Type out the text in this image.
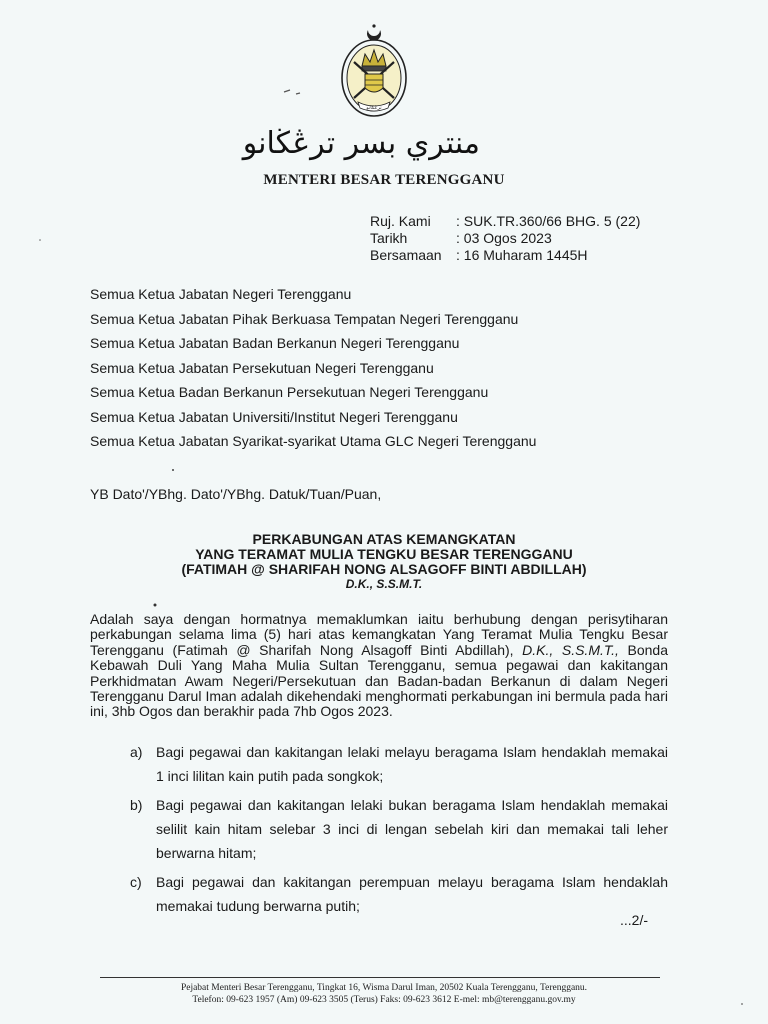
ترڠڬانو
منتري بسر ترڠڬانو
MENTERI BESAR TERENGGANU
Ruj. Kami	: SUK.TR.360/66 BHG. 5 (22)
Tarikh	: 03 Ogos 2023
Bersamaan	: 16 Muharam 1445H
Semua Ketua Jabatan Negeri Terengganu
Semua Ketua Jabatan Pihak Berkuasa Tempatan Negeri Terengganu
Semua Ketua Jabatan Badan Berkanun Negeri Terengganu
Semua Ketua Jabatan Persekutuan Negeri Terengganu
Semua Ketua Badan Berkanun Persekutuan Negeri Terengganu
Semua Ketua Jabatan Universiti/Institut Negeri Terengganu
Semua Ketua Jabatan Syarikat-syarikat Utama GLC Negeri Terengganu
YB Dato'/YBhg. Dato'/YBhg. Datuk/Tuan/Puan,
PERKABUNGAN ATAS KEMANGKATAN
YANG TERAMAT MULIA TENGKU BESAR TERENGGANU
(FATIMAH @ SHARIFAH NONG ALSAGOFF BINTI ABDILLAH)
D.K., S.S.M.T.

Adalah saya dengan hormatnya memaklumkan iaitu berhubung dengan perisytiharan perkabungan selama lima (5) hari atas kemangkatan Yang Teramat Mulia Tengku Besar Terengganu (Fatimah @ Sharifah Nong Alsagoff Binti Abdillah), D.K., S.S.M.T., Bonda Kebawah Duli Yang Maha Mulia Sultan Terengganu, semua pegawai dan kakitangan Perkhidmatan Awam Negeri/Persekutuan dan Badan-badan Berkanun di dalam Negeri Terengganu Darul Iman adalah dikehendaki menghormati perkabungan ini bermula pada hari ini, 3hb Ogos dan berakhir pada 7hb Ogos 2023.

a) Bagi pegawai dan kakitangan lelaki melayu beragama Islam hendaklah memakai 1 inci lilitan kain putih pada songkok;
b) Bagi pegawai dan kakitangan lelaki bukan beragama Islam hendaklah memakai selilit kain hitam selebar 3 inci di lengan sebelah kiri dan memakai tali leher berwarna hitam;
c)	Bagi pegawai dan kakitangan perempuan melayu beragama Islam hendaklah memakai tudung berwarna putih;
...2/-
Pejabat Menteri Besar Terengganu, Tingkat 16, Wisma Darul Iman, 20502 Kuala Terengganu, Terengganu.
Telefon: 09-623 1957 (Am) 09-623 3505 (Terus) Faks: 09-623 3612 E-mel: mb@terengganu.gov.my
